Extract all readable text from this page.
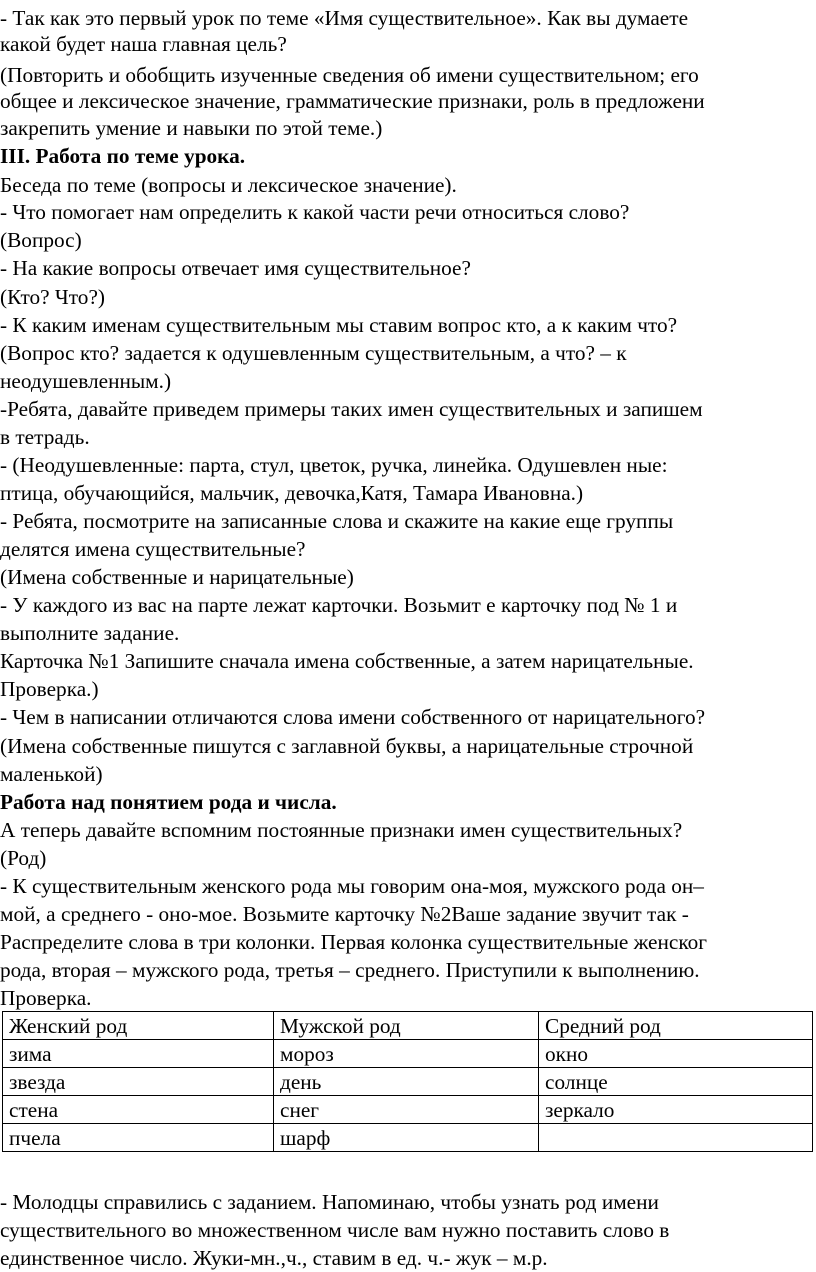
- Так как это первый урок по теме «Имя существительное». Как вы думаете
какой будет наша главная цель?
(Повторить и обобщить изученные сведения об имени существительном; его
общее и лексическое значение, грамматические признаки, роль в предложени
закрепить умение и навыки по этой теме.)
III. Работа по теме урока.
Беседа по теме (вопросы и лексическое значение).
- Что помогает нам определить к какой части речи относиться слово?
(Вопрос)
- На какие вопросы отвечает имя существительное?
(Кто? Что?)
- К каким именам существительным мы ставим вопрос кто, а к каким что?
(Вопрос кто? задается к одушевленным существительным, а что? – к
неодушевленным.)
-Ребята, давайте приведем примеры таких имен существительных и запишем
в тетрадь.
- (Неодушевленные: парта, стул, цветок, ручка, линейка. Одушевлен ные:
птица, обучающийся, мальчик, девочка,Катя, Тамара Ивановна.)
- Ребята, посмотрите на записанные слова и скажите на какие еще группы
делятся имена существительные?
(Имена собственные и нарицательные)
- У каждого из вас на парте лежат карточки. Возьмит е карточку под № 1 и
выполните задание.
Карточка №1 Запишите сначала имена собственные, а затем нарицательные.
Проверка.)
- Чем в написании отличаются слова имени собственного от нарицательного?
(Имена собственные пишутся с заглавной буквы, а нарицательные строчной
маленькой)
Работа над понятием рода и числа.
А теперь давайте вспомним постоянные признаки имен существительных?
(Род)
- К существительным женского рода мы говорим она-моя, мужского рода он–
мой, а среднего - оно-мое. Возьмите карточку №2Ваше задание звучит так -
Распределите слова в три колонки. Первая колонка существительные женског
рода, вторая – мужского рода, третья – среднего. Приступили к выполнению.
Проверка.
Женский род	Мужской род	Средний род
зима	мороз	окно
звезда	день	солнце
стена	снег	зеркало
пчела	шарф	
- Молодцы справились с заданием. Напоминаю, чтобы узнать род имени
существительного во множественном числе вам нужно поставить слово в
единственное число. Жуки-мн.,ч., ставим в ед. ч.- жук – м.р.
